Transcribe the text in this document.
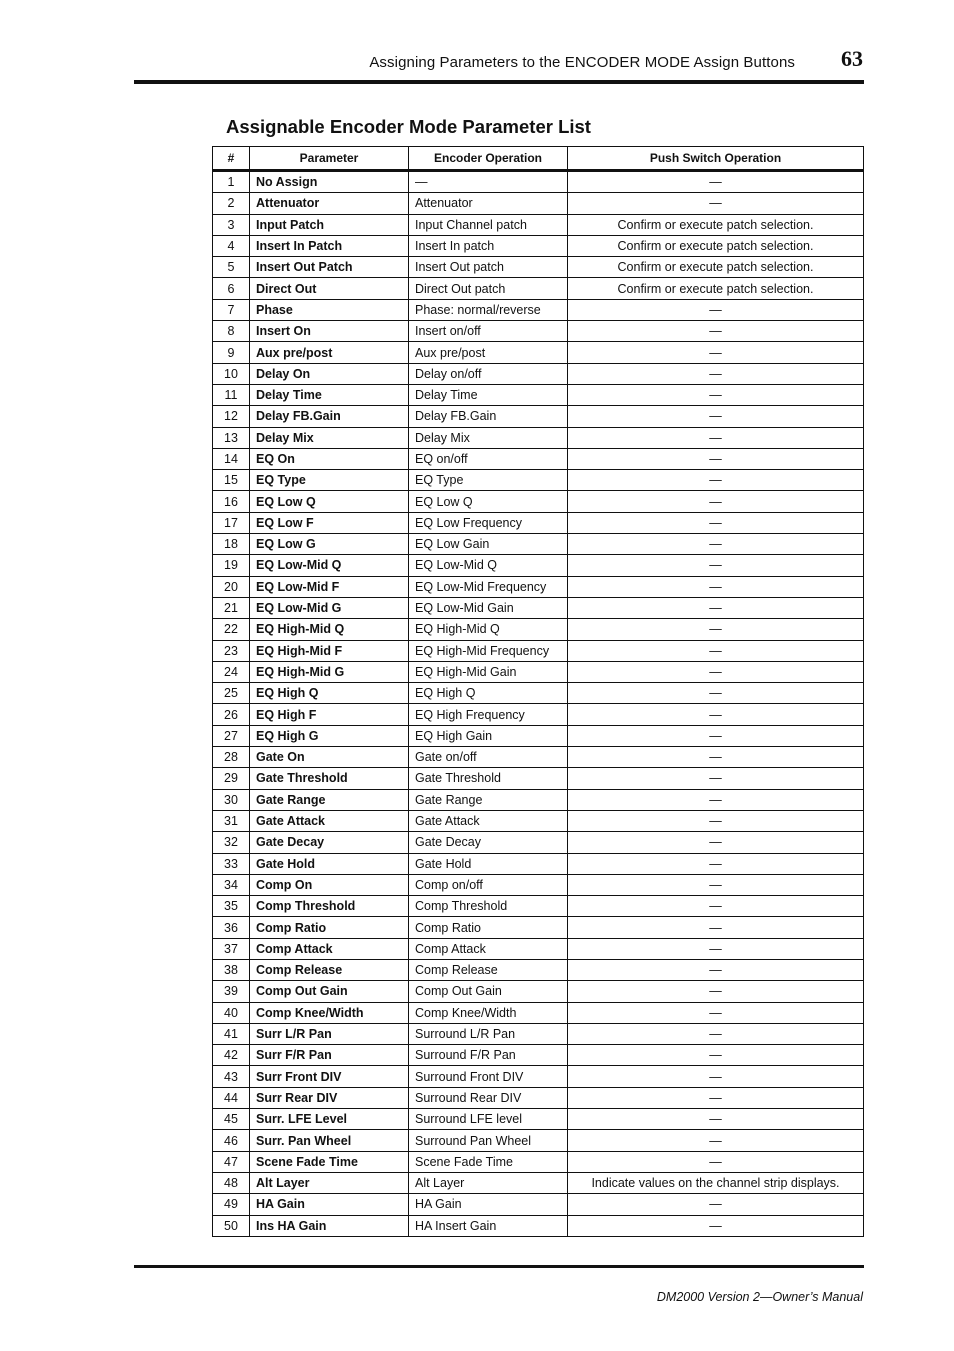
Assigning Parameters to the ENCODER MODE Assign Buttons 63
Assignable Encoder Mode Parameter List
#	Parameter	Encoder Operation	Push Switch Operation
1	No Assign	—	—
2	Attenuator	Attenuator	—
3	Input Patch	Input Channel patch	Confirm or execute patch selection.
4	Insert In Patch	Insert In patch	Confirm or execute patch selection.
5	Insert Out Patch	Insert Out patch	Confirm or execute patch selection.
6	Direct Out	Direct Out patch	Confirm or execute patch selection.
7	Phase	Phase: normal/reverse	—
8	Insert On	Insert on/off	—
9	Aux pre/post	Aux pre/post	—
10	Delay On	Delay on/off	—
11	Delay Time	Delay Time	—
12	Delay FB.Gain	Delay FB.Gain	—
13	Delay Mix	Delay Mix	—
14	EQ On	EQ on/off	—
15	EQ Type	EQ Type	—
16	EQ Low Q	EQ Low Q	—
17	EQ Low F	EQ Low Frequency	—
18	EQ Low G	EQ Low Gain	—
19	EQ Low-Mid Q	EQ Low-Mid Q	—
20	EQ Low-Mid F	EQ Low-Mid Frequency	—
21	EQ Low-Mid G	EQ Low-Mid Gain	—
22	EQ High-Mid Q	EQ High-Mid Q	—
23	EQ High-Mid F	EQ High-Mid Frequency	—
24	EQ High-Mid G	EQ High-Mid Gain	—
25	EQ High Q	EQ High Q	—
26	EQ High F	EQ High Frequency	—
27	EQ High G	EQ High Gain	—
28	Gate On	Gate on/off	—
29	Gate Threshold	Gate Threshold	—
30	Gate Range	Gate Range	—
31	Gate Attack	Gate Attack	—
32	Gate Decay	Gate Decay	—
33	Gate Hold	Gate Hold	—
34	Comp On	Comp on/off	—
35	Comp Threshold	Comp Threshold	—
36	Comp Ratio	Comp Ratio	—
37	Comp Attack	Comp Attack	—
38	Comp Release	Comp Release	—
39	Comp Out Gain	Comp Out Gain	—
40	Comp Knee/Width	Comp Knee/Width	—
41	Surr L/R Pan	Surround L/R Pan	—
42	Surr F/R Pan	Surround F/R Pan	—
43	Surr Front DIV	Surround Front DIV	—
44	Surr Rear DIV	Surround Rear DIV	—
45	Surr. LFE Level	Surround LFE level	—
46	Surr. Pan Wheel	Surround Pan Wheel	—
47	Scene Fade Time	Scene Fade Time	—
48	Alt Layer	Alt Layer	Indicate values on the channel strip displays.
49	HA Gain	HA Gain	—
50	Ins HA Gain	HA Insert Gain	—
DM2000 Version 2—Owner’s Manual
